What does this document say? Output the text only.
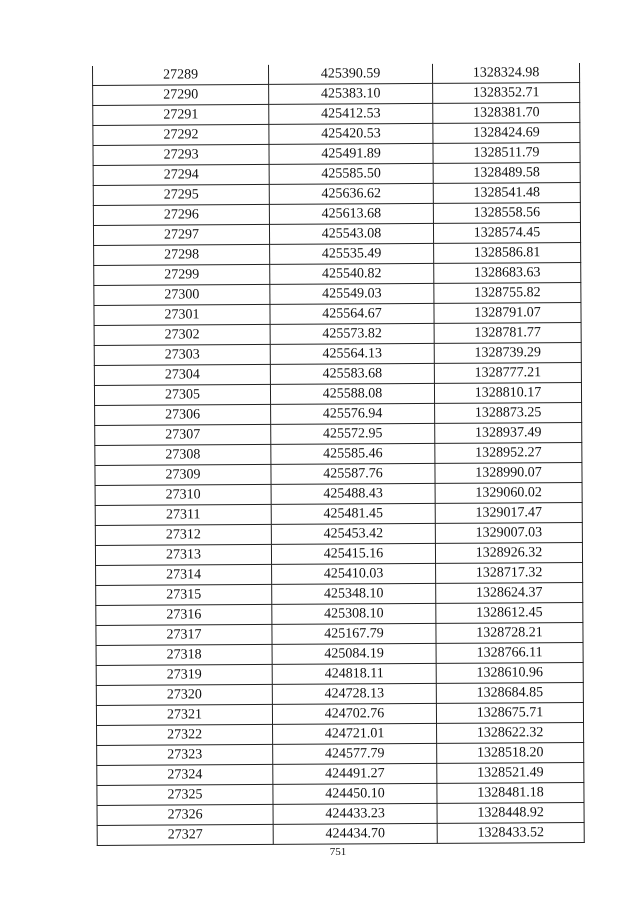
27289	425390.59	1328324.98
27290	425383.10	1328352.71
27291	425412.53	1328381.70
27292	425420.53	1328424.69
27293	425491.89	1328511.79
27294	425585.50	1328489.58
27295	425636.62	1328541.48
27296	425613.68	1328558.56
27297	425543.08	1328574.45
27298	425535.49	1328586.81
27299	425540.82	1328683.63
27300	425549.03	1328755.82
27301	425564.67	1328791.07
27302	425573.82	1328781.77
27303	425564.13	1328739.29
27304	425583.68	1328777.21
27305	425588.08	1328810.17
27306	425576.94	1328873.25
27307	425572.95	1328937.49
27308	425585.46	1328952.27
27309	425587.76	1328990.07
27310	425488.43	1329060.02
27311	425481.45	1329017.47
27312	425453.42	1329007.03
27313	425415.16	1328926.32
27314	425410.03	1328717.32
27315	425348.10	1328624.37
27316	425308.10	1328612.45
27317	425167.79	1328728.21
27318	425084.19	1328766.11
27319	424818.11	1328610.96
27320	424728.13	1328684.85
27321	424702.76	1328675.71
27322	424721.01	1328622.32
27323	424577.79	1328518.20
27324	424491.27	1328521.49
27325	424450.10	1328481.18
27326	424433.23	1328448.92
27327	424434.70	1328433.52
751
